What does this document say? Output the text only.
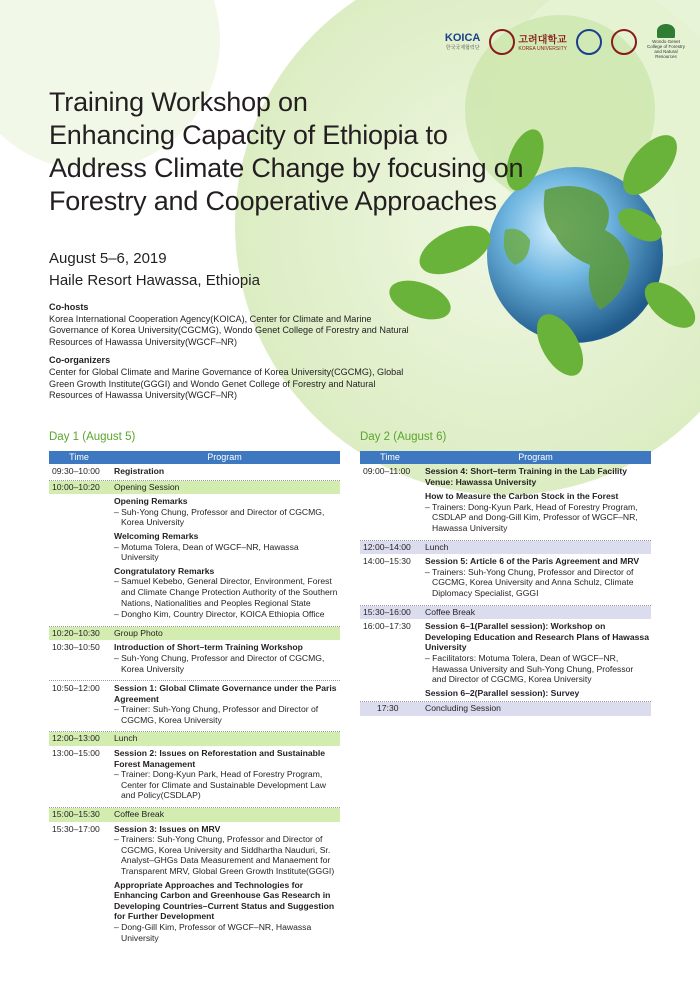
KOICA
한국국제협력단
고려대학교
KOREA UNIVERSITY
Wondo Genet College of Forestry and Natural Resources
Training Workshop on
Enhancing Capacity of Ethiopia to
Address Climate Change by focusing on
Forestry and Cooperative Approaches
August 5–6, 2019
Haile Resort Hawassa, Ethiopia
Co-hosts
Korea International Cooperation Agency(KOICA), Center for Climate and Marine Governance of Korea University(CGCMG), Wondo Genet College of Forestry and Natural Resources of Hawassa University(WGCF–NR)
Co-organizers
Center for Global Climate and Marine Governance of Korea University(CGCMG), Global Green Growth Institute(GGGI) and Wondo Genet College of Forestry and Natural Resources of Hawassa University(WGCF–NR)
Day 1 (August 5)
Time	Program
09:30–10:00	Registration
10:00–10:20	Opening Session
Opening Remarks
– Suh-Yong Chung, Professor and Director of CGCMG, Korea University
Welcoming Remarks
– Motuma Tolera, Dean of WGCF–NR, Hawassa University
Congratulatory Remarks
– Samuel Kebebo, General Director, Environment, Forest and Climate Change Protection Authority of the Southern Nations, Nationalities and Peoples Regional State
– Dongho Kim, Country Director, KOICA Ethiopia Office
10:20–10:30	Group Photo
10:30–10:50	Introduction of Short–term Training Workshop
– Suh-Yong Chung, Professor and Director of CGCMG, Korea University
10:50–12:00	Session 1: Global Climate Governance under the Paris Agreement
– Trainer: Suh-Yong Chung, Professor and Director of CGCMG, Korea University
12:00–13:00	Lunch
13:00–15:00	Session 2: Issues on Reforestation and Sustainable Forest Management
– Trainer: Dong-Kyun Park, Head of Forestry Program, Center for Climate and Sustainable Development Law and Policy(CSDLAP)
15:00–15:30	Coffee Break
15:30–17:00	Session 3: Issues on MRV
– Trainers: Suh-Yong Chung, Professor and Director of CGCMG, Korea University and Siddhartha Nauduri, Sr. Analyst–GHGs Data Measurement and Manaement for Transparent MRV, Global Green Growth Institute(GGGI)
Appropriate Approaches and Technologies for Enhancing Carbon and Greenhouse Gas Research in Developing Countries–Current Status and Suggestion for Further Development
– Dong-Gill Kim, Professor of WGCF–NR, Hawassa University
Day 2 (August 6)
Time	Program
09:00–11:00	Session 4: Short–term Training in the Lab Facility
Venue: Hawassa University
How to Measure the Carbon Stock in the Forest
– Trainers: Dong-Kyun Park, Head of Forestry Program, CSDLAP and Dong-Gill Kim, Professor of WGCF–NR, Hawassa University
12:00–14:00	Lunch
14:00–15:30	Session 5: Article 6 of the Paris Agreement and MRV
– Trainers: Suh-Yong Chung, Professor and Director of CGCMG, Korea University and Anna Schulz, Climate Diplomacy Specialist, GGGI
15:30–16:00	Coffee Break
16:00–17:30	Session 6–1(Parallel session): Workshop on Developing Education and Research Plans of Hawassa University
– Facilitators: Motuma Tolera, Dean of WGCF–NR, Hawassa University and Suh-Yong Chung, Professor and Director of CGCMG, Korea University
Session 6–2(Parallel session): Survey
17:30	Concluding Session
